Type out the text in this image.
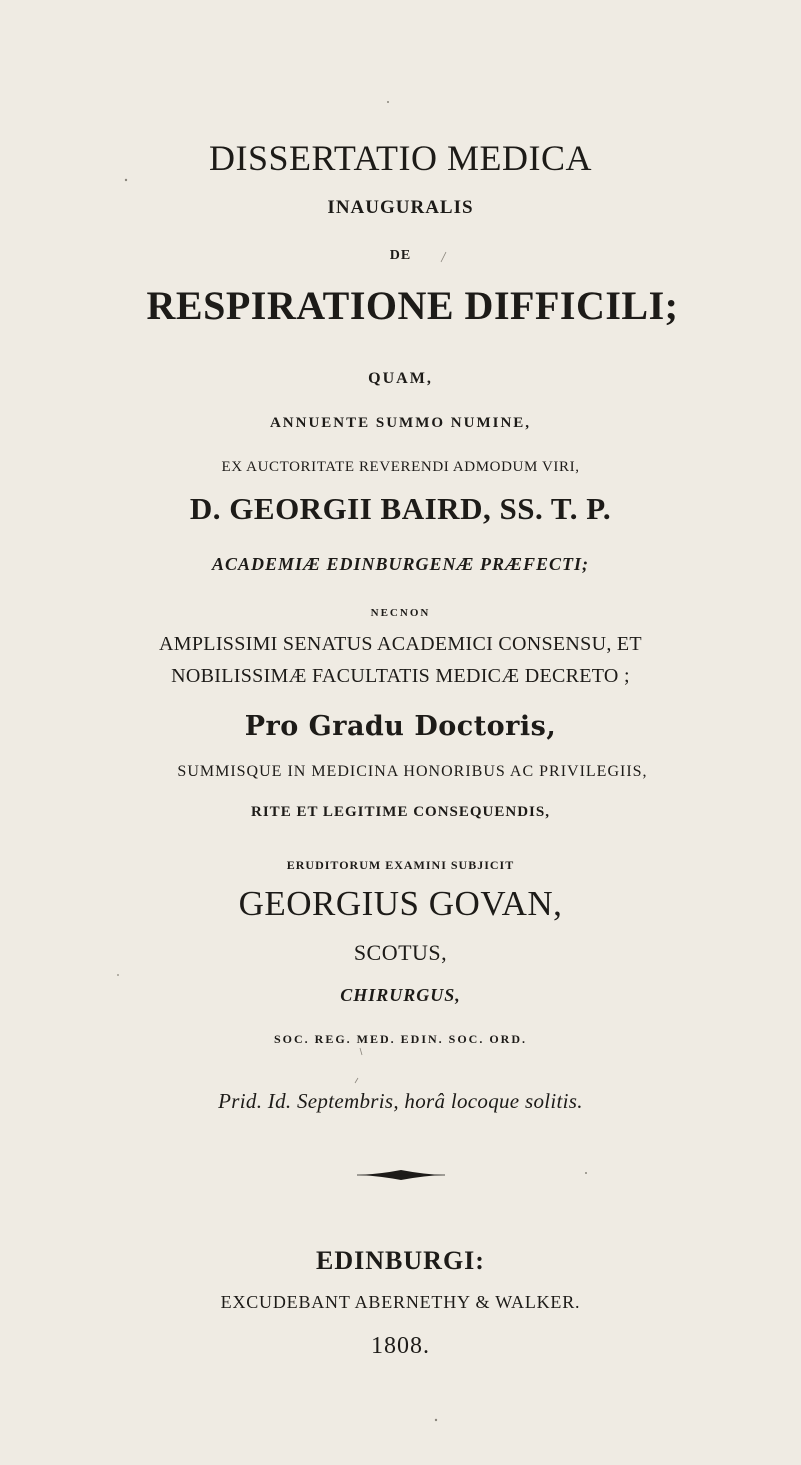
DISSERTATIO MEDICA
INAUGURALIS
DE
RESPIRATIONE DIFFICILI;
QUAM,
ANNUENTE SUMMO NUMINE,
EX AUCTORITATE REVERENDI ADMODUM VIRI,
D. GEORGII BAIRD, SS. T. P.
ACADEMIÆ EDINBURGENÆ PRÆFECTI;
NECNON
AMPLISSIMI SENATUS ACADEMICI CONSENSU, ET
NOBILISSIMÆ FACULTATIS MEDICÆ DECRETO ;
Pro Gradu Doctoris,
SUMMISQUE IN MEDICINA HONORIBUS AC PRIVILEGIIS,
RITE ET LEGITIME CONSEQUENDIS,
ERUDITORUM EXAMINI SUBJICIT
GEORGIUS GOVAN,
SCOTUS,
CHIRURGUS,
SOC. REG. MED. EDIN. SOC. ORD.
Prid. Id. Septembris, horâ locoque solitis.
EDINBURGI:
EXCUDEBANT ABERNETHY & WALKER.
1808.
